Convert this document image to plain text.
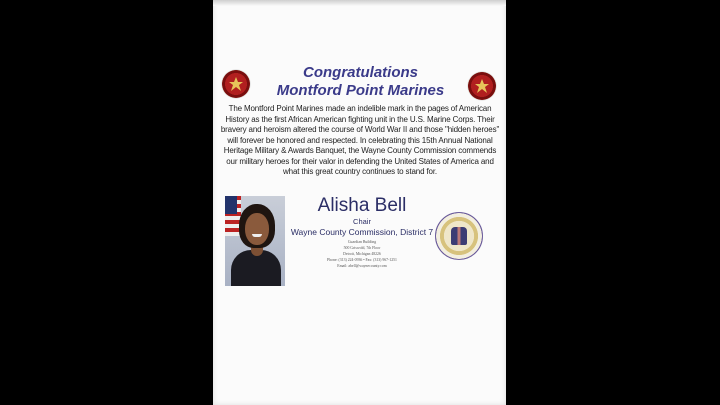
Congratulations
Montford Point Marines
The Montford Point Marines made an indelible mark in the pages of American History as the first African American fighting unit in the U.S. Marine Corps. Their bravery and heroism altered the course of World War II and those "hidden heroes" will forever be honored and respected. In celebrating this 15th Annual National Heritage Military & Awards Banquet, the Wayne County Commission commends our military heroes for their valor in defending the United States of America and what this great country continues to stand for.
Alisha Bell
Chair
Wayne County Commission, District 7
Guardian Building
500 Griswold, 7th Floor
Detroit, Michigan 48226
Phone: (313) 224-0936 • Fax: (313) 967-1251
Email: abell@waynecounty.com
